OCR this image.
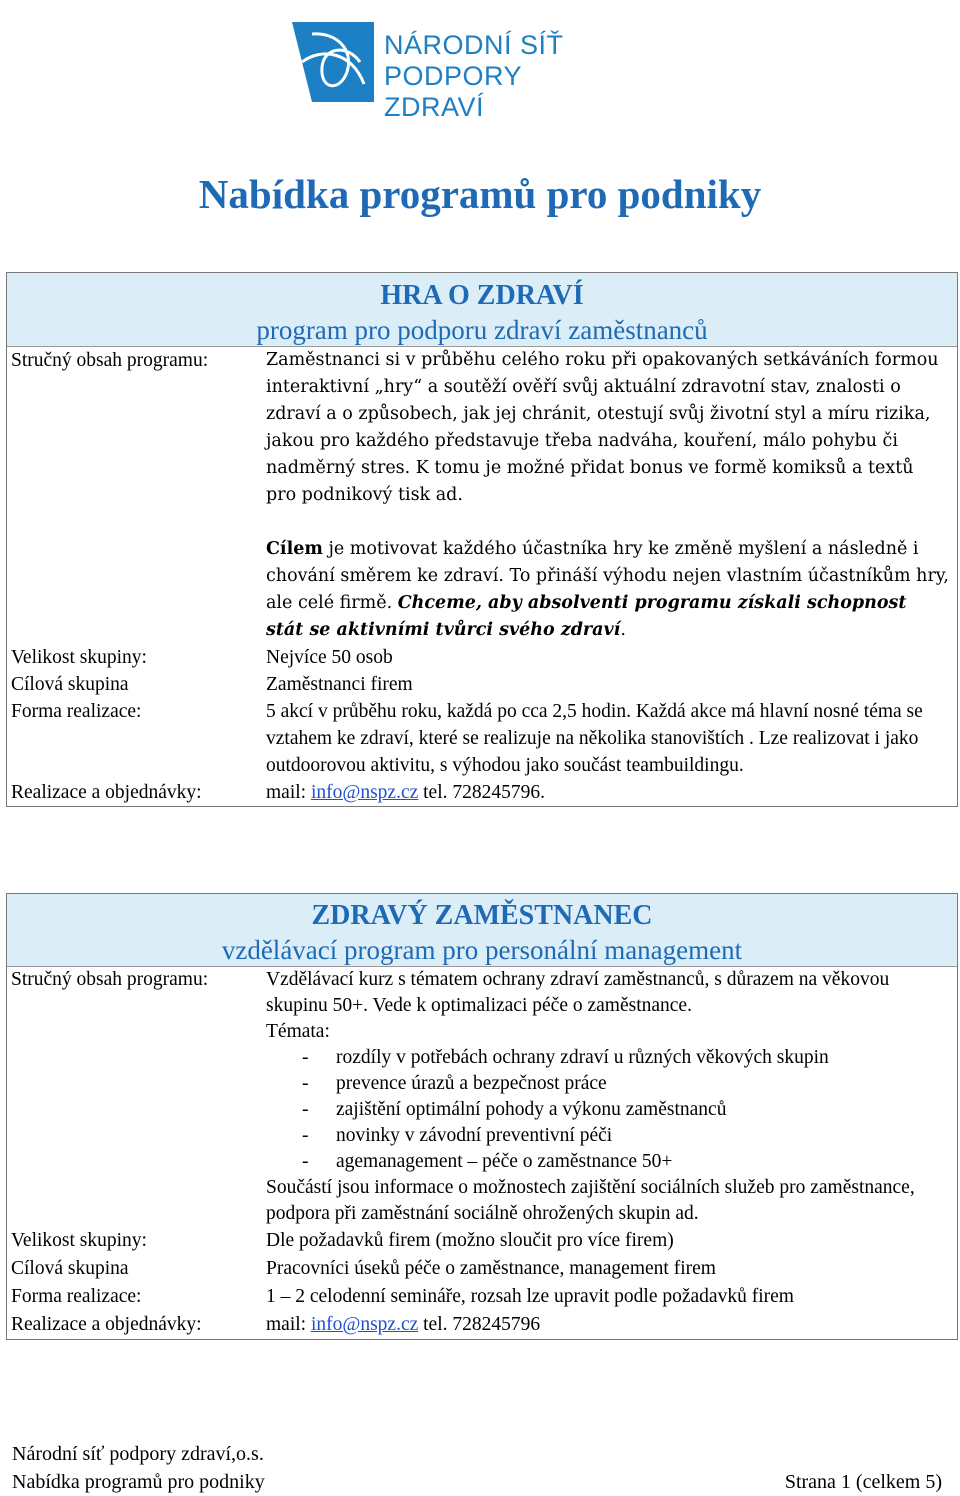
NÁRODNÍ SÍŤ
PODPORY ZDRAVÍ
Nabídka programů pro podniky
HRA O ZDRAVÍ
program pro podporu zdraví zaměstnanců
Stručný obsah programu:	Zaměstnanci si v průběhu celého roku při opakovaných setkáváních formou interaktivní „hry“ a soutěží ověří svůj aktuální zdravotní stav, znalosti o zdraví a o způsobech, jak jej chránit, otestují svůj životní styl a míru rizika, jakou pro každého představuje třeba nadváha, kouření, málo pohybu či nadměrný stres. K tomu je možné přidat bonus ve formě komiksů a textů pro podnikový tisk ad.
Cílem je motivovat každého účastníka hry ke změně myšlení a následně i chování směrem ke zdraví. To přináší výhodu nejen vlastním účastníkům hry, ale celé firmě. Chceme, aby absolventi programu získali schopnost stát se aktivními tvůrci svého zdraví.
Velikost skupiny:	Nejvíce 50 osob
Cílová skupina	Zaměstnanci firem
Forma realizace:	5 akcí v průběhu roku, každá po cca 2,5 hodin. Každá akce má hlavní nosné téma se vztahem ke zdraví, které se realizuje na několika stanovištích . Lze realizovat i jako outdoorovou aktivitu, s výhodou jako součást teambuildingu.
Realizace a objednávky:	mail: info@nspz.cz tel. 728245796.
ZDRAVÝ ZAMĚSTNANEC
vzdělávací program pro personální management
Stručný obsah programu:	Vzdělávací kurz s tématem ochrany zdraví zaměstnanců, s důrazem na věkovou skupinu 50+. Vede k optimalizaci péče o zaměstnance.
Témata:
- rozdíly v potřebách ochrany zdraví u různých věkových skupin
- prevence úrazů a bezpečnost práce
- zajištění optimální pohody a výkonu zaměstnanců
- novinky v závodní preventivní péči
- agemanagement – péče o zaměstnance 50+
Součástí jsou informace o možnostech zajištění sociálních služeb pro zaměstnance, podpora při zaměstnání sociálně ohrožených skupin ad.
Velikost skupiny:	Dle požadavků firem (možno sloučit pro více firem)
Cílová skupina	Pracovníci úseků péče o zaměstnance, management firem
Forma realizace:	1 – 2 celodenní semináře, rozsah lze upravit podle požadavků firem
Realizace a objednávky:	mail: info@nspz.cz tel. 728245796
Národní síť podpory zdraví,o.s.
Nabídka programů pro podniky	Strana 1 (celkem 5)
